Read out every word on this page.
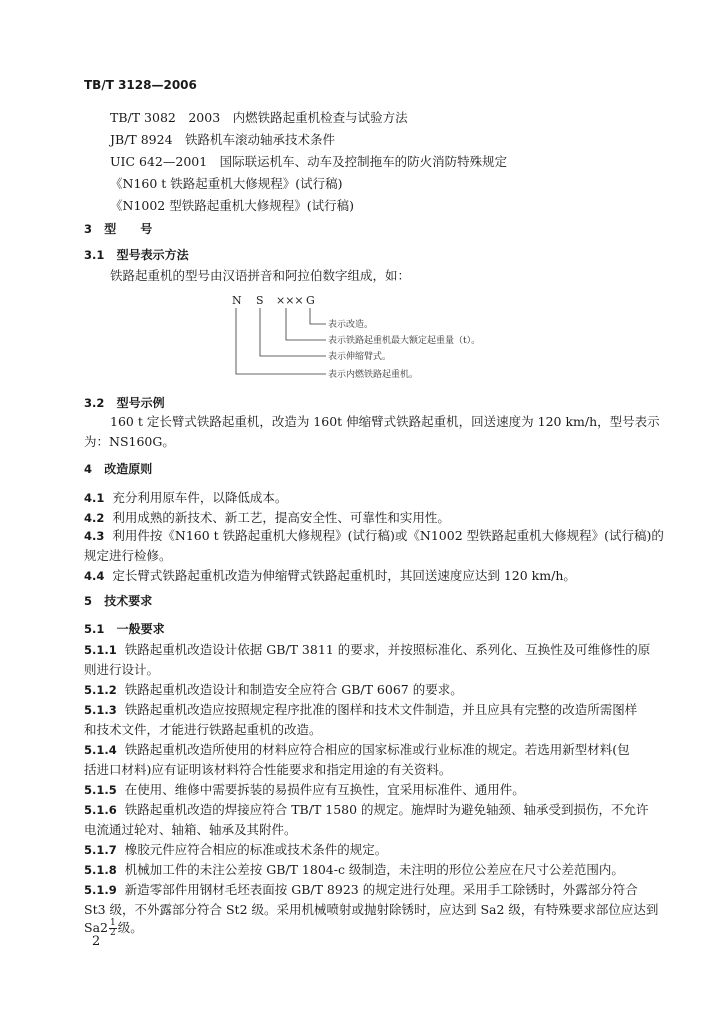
TB/T 3128—2006
TB/T 3082　2003　内燃铁路起重机检查与试验方法
JB/T 8924　铁路机车滚动轴承技术条件
UIC 642—2001　国际联运机车、动车及控制拖车的防火消防特殊规定
《N160 t 铁路起重机大修规程》(试行稿)
《N1002 型铁路起重机大修规程》(试行稿)
3 型　　号
3.1 型号表示方法
铁路起重机的型号由汉语拼音和阿拉伯数字组成，如：
N S ××× G
表示改造。
表示铁路起重机最大额定起重量（t）。
表示伸缩臂式。
表示内燃铁路起重机。
3.2 型号示例
160 t 定长臂式铁路起重机，改造为 160t 伸缩臂式铁路起重机，回送速度为 120 km/h，型号表示
为：NS160G。
4 改造原则
4.1 充分利用原车件，以降低成本。
4.2 利用成熟的新技术、新工艺，提高安全性、可靠性和实用性。
4.3 利用件按《N160 t 铁路起重机大修规程》(试行稿)或《N1002 型铁路起重机大修规程》(试行稿)的
规定进行检修。
4.4 定长臂式铁路起重机改造为伸缩臂式铁路起重机时，其回送速度应达到 120 km/h。
5 技术要求
5.1 一般要求
5.1.1 铁路起重机改造设计依据 GB/T 3811 的要求，并按照标准化、系列化、互换性及可维修性的原
则进行设计。
5.1.2 铁路起重机改造设计和制造安全应符合 GB/T 6067 的要求。
5.1.3 铁路起重机改造应按照规定程序批准的图样和技术文件制造，并且应具有完整的改造所需图样
和技术文件，才能进行铁路起重机的改造。
5.1.4 铁路起重机改造所使用的材料应符合相应的国家标准或行业标准的规定。若选用新型材料(包
括进口材料)应有证明该材料符合性能要求和指定用途的有关资料。
5.1.5 在使用、维修中需要拆装的易损件应有互换性，宜采用标准件、通用件。
5.1.6 铁路起重机改造的焊接应符合 TB/T 1580 的规定。施焊时为避免轴颈、轴承受到损伤，不允许
电流通过轮对、轴箱、轴承及其附件。
5.1.7 橡胶元件应符合相应的标准或技术条件的规定。
5.1.8 机械加工件的未注公差按 GB/T 1804-c 级制造，未注明的形位公差应在尺寸公差范围内。
5.1.9 新造零部件用钢材毛坯表面按 GB/T 8923 的规定进行处理。采用手工除锈时，外露部分符合
St3 级，不外露部分符合 St2 级。采用机械喷射或抛射除锈时，应达到 Sa2 级，有特殊要求部位应达到
$Sa2 \frac{1}{2}$ 级。
2
